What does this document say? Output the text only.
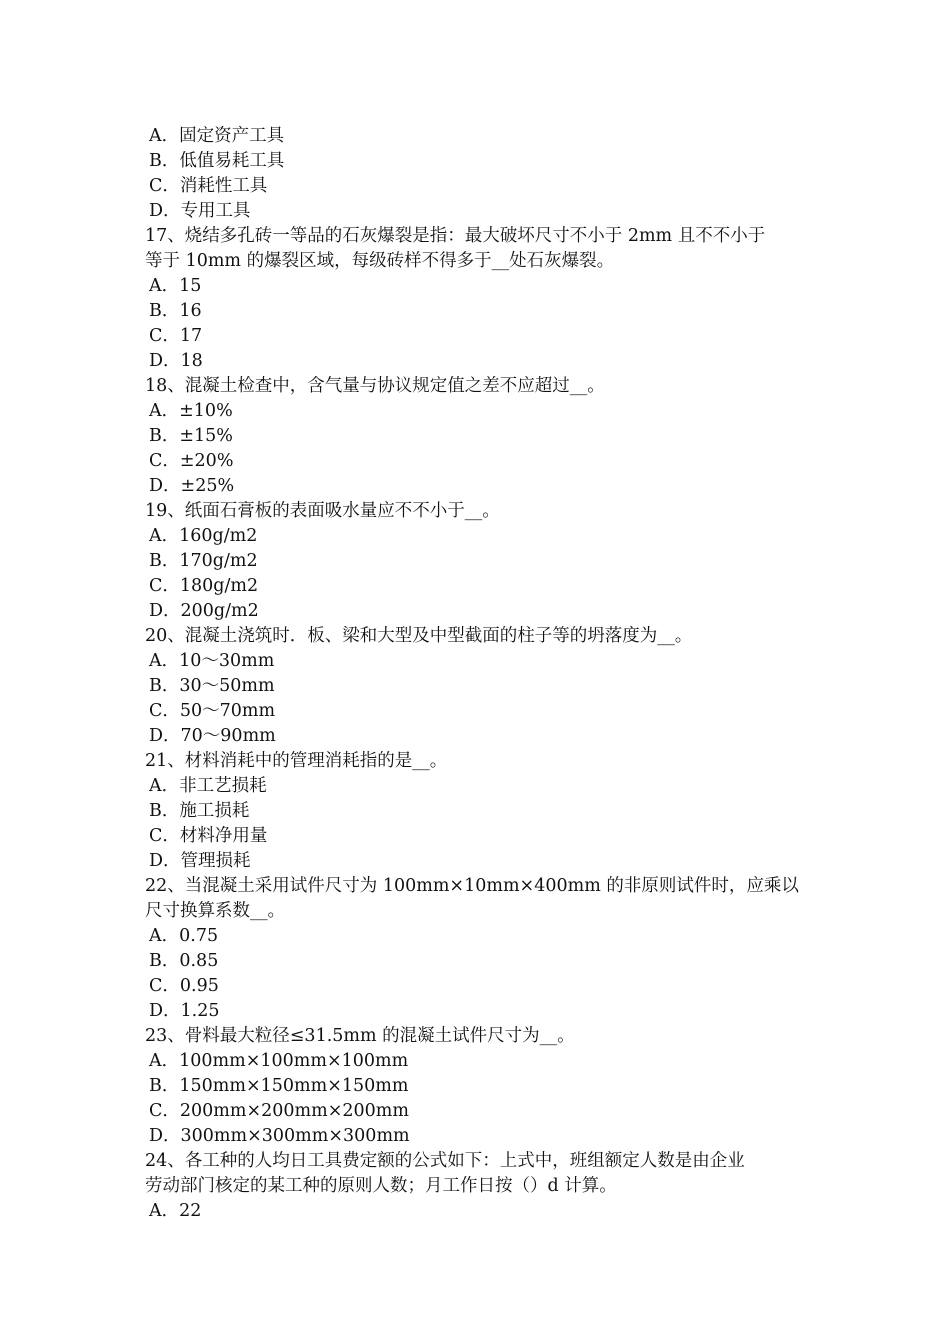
A．固定资产工具
B．低值易耗工具
C．消耗性工具
D．专用工具
17、烧结多孔砖一等品的石灰爆裂是指：最大破坏尺寸不小于 2mm 且不不小于
等于 10mm 的爆裂区域，每级砖样不得多于__处石灰爆裂。
A．15
B．16
C．17
D．18
18、混凝土检查中，含气量与协议规定值之差不应超过__。
A．±10%
B．±15%
C．±20%
D．±25%
19、纸面石膏板的表面吸水量应不不小于__。
A．160g/m2
B．170g/m2
C．180g/m2
D．200g/m2
20、混凝土浇筑时．板、梁和大型及中型截面的柱子等的坍落度为__。
A．10～30mm
B．30～50mm
C．50～70mm
D．70～90mm
21、材料消耗中的管理消耗指的是__。
A．非工艺损耗
B．施工损耗
C．材料净用量
D．管理损耗
22、当混凝土采用试件尺寸为 100mm×10mm×400mm 的非原则试件时，应乘以
尺寸换算系数__。
A．0.75
B．0.85
C．0.95
D．1.25
23、骨料最大粒径≤31.5mm 的混凝土试件尺寸为__。
A．100mm×100mm×100mm
B．150mm×150mm×150mm
C．200mm×200mm×200mm
D．300mm×300mm×300mm
24、各工种的人均日工具费定额的公式如下：上式中，班组额定人数是由企业
劳动部门核定的某工种的原则人数；月工作日按（）d 计算。
A．22
